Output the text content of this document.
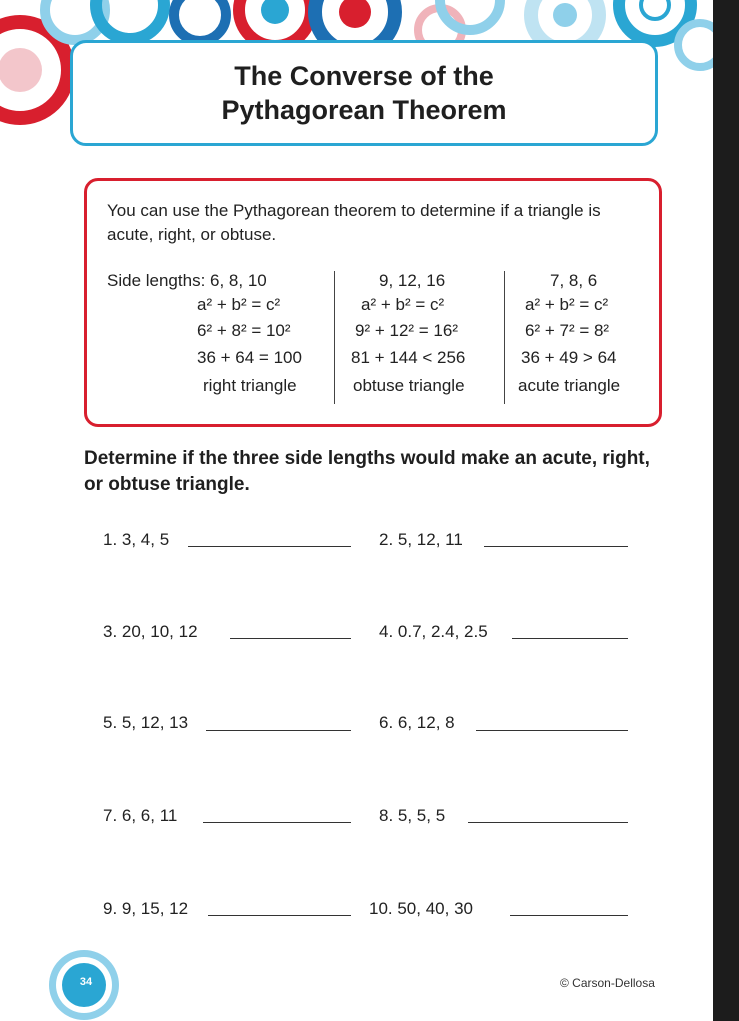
The Converse of the
Pythagorean Theorem
You can use the Pythagorean theorem to determine if a triangle is acute, right, or obtuse.
Side lengths: 6, 8, 10
a² + b² = c²
6² + 8² = 10²
36 + 64 = 100
right triangle
9, 12, 16
a² + b² = c²
9² + 12² = 16²
81 + 144 < 256
obtuse triangle
7, 8, 6
a² + b² = c²
6² + 7² = 8²
36 + 49 > 64
acute triangle
Determine if the three side lengths would make an acute, right, or obtuse triangle.
1. 3, 4, 5
3. 20, 10, 12
5. 5, 12, 13
7. 6, 6, 11
9. 9, 15, 12
2. 5, 12, 11
4. 0.7, 2.4, 2.5
6. 6, 12, 8
8. 5, 5, 5
10. 50, 40, 30
34	© Carson-Dellosa
